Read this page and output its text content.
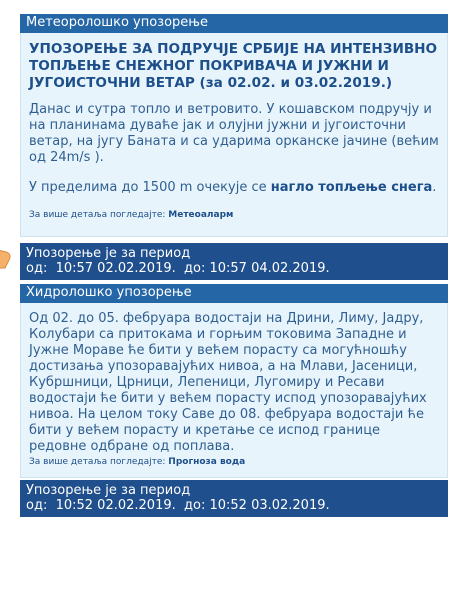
Метеоролошко упозорење

УПОЗОРЕЊЕ ЗА ПОДРУЧЈЕ СРБИЈЕ НА ИНТЕНЗИВНО ТОПЉЕЊЕ СНЕЖНОГ ПОКРИВАЧА И ЈУЖНИ И ЈУГОИСТОЧНИ ВЕТАР (за 02.02. и 03.02.2019.)

Данас и сутра топло и ветровито. У кошавском подручју и на планинама дуваће јак и олујни јужни и југоисточни ветар, на југу Баната и са ударима орканске јачине (већим од 24m/s ).

У пределима до 1500 m очекује се нагло топљење снега.

За више детаља погледајте: Метеоаларм

Упозорење је за период
од:  10:57 02.02.2019.  до: 10:57 04.02.2019.
Хидролошко упозорење

Од 02. до 05. фебруара водостаји на Дрини, Лиму, Јадру, Колубари са притокама и горњим токовима Западне и Јужне Мораве ће бити у већем порасту са могућношћу достизања упозоравајућих нивоа, а на Млави, Јасеници, Кубршници, Црници, Лепеници, Лугомиру и Ресави водостаји ће бити у већем порасту испод упозоравајућих нивоа. На целом току Саве до 08. фебруара водостаји ће бити у већем порасту и кретање се испод границе редовне одбране од поплава.

За више детаља погледајте: Прогноза вода

Упозорење је за период
од:  10:52 02.02.2019.  до: 10:52 03.02.2019.
